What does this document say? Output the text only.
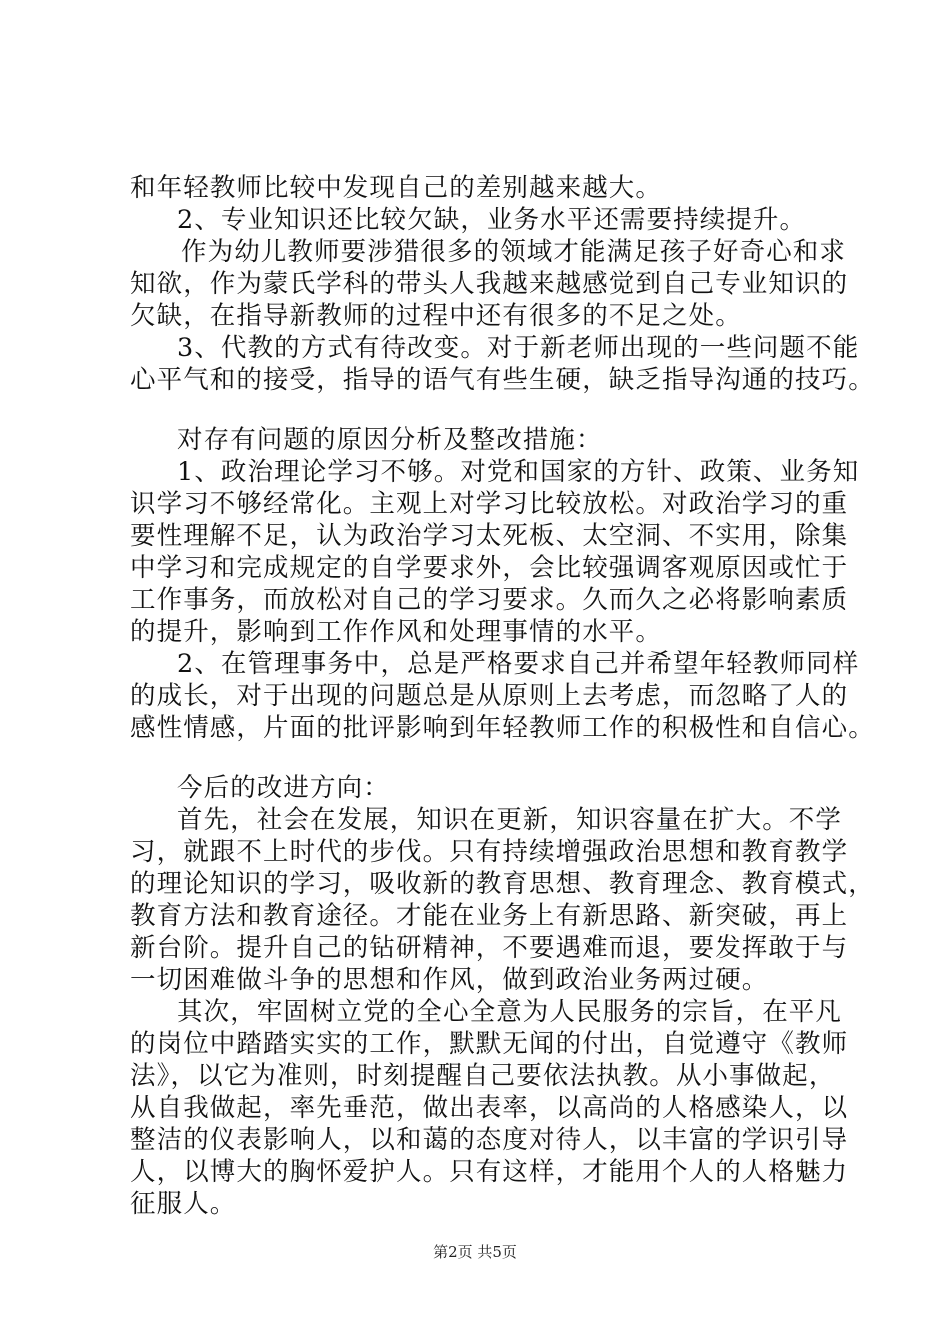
和年轻教师比较中发现自己的差别越来越大。
2、专业知识还比较欠缺，业务水平还需要持续提升。
作为幼儿教师要涉猎很多的领域才能满足孩子好奇心和求
知欲，作为蒙氏学科的带头人我越来越感觉到自己专业知识的
欠缺，在指导新教师的过程中还有很多的不足之处。
3、代教的方式有待改变。对于新老师出现的一些问题不能
心平气和的接受，指导的语气有些生硬，缺乏指导沟通的技巧。
对存有问题的原因分析及整改措施：
1、政治理论学习不够。对党和国家的方针、政策、业务知
识学习不够经常化。主观上对学习比较放松。对政治学习的重
要性理解不足，认为政治学习太死板、太空洞、不实用，除集
中学习和完成规定的自学要求外，会比较强调客观原因或忙于
工作事务，而放松对自己的学习要求。久而久之必将影响素质
的提升，影响到工作作风和处理事情的水平。
2、在管理事务中，总是严格要求自己并希望年轻教师同样
的成长，对于出现的问题总是从原则上去考虑，而忽略了人的
感性情感，片面的批评影响到年轻教师工作的积极性和自信心。
今后的改进方向：
首先，社会在发展，知识在更新，知识容量在扩大。不学
习，就跟不上时代的步伐。只有持续增强政治思想和教育教学
的理论知识的学习，吸收新的教育思想、教育理念、教育模式，
教育方法和教育途径。才能在业务上有新思路、新突破，再上
新台阶。提升自己的钻研精神，不要遇难而退，要发挥敢于与
一切困难做斗争的思想和作风，做到政治业务两过硬。
其次，牢固树立党的全心全意为人民服务的宗旨，在平凡
的岗位中踏踏实实的工作，默默无闻的付出，自觉遵守《教师
法》，以它为准则，时刻提醒自己要依法执教。从小事做起，
从自我做起，率先垂范，做出表率，以高尚的人格感染人，以
整洁的仪表影响人，以和蔼的态度对待人，以丰富的学识引导
人，以博大的胸怀爱护人。只有这样，才能用个人的人格魅力
征服人。
第2页 共5页
